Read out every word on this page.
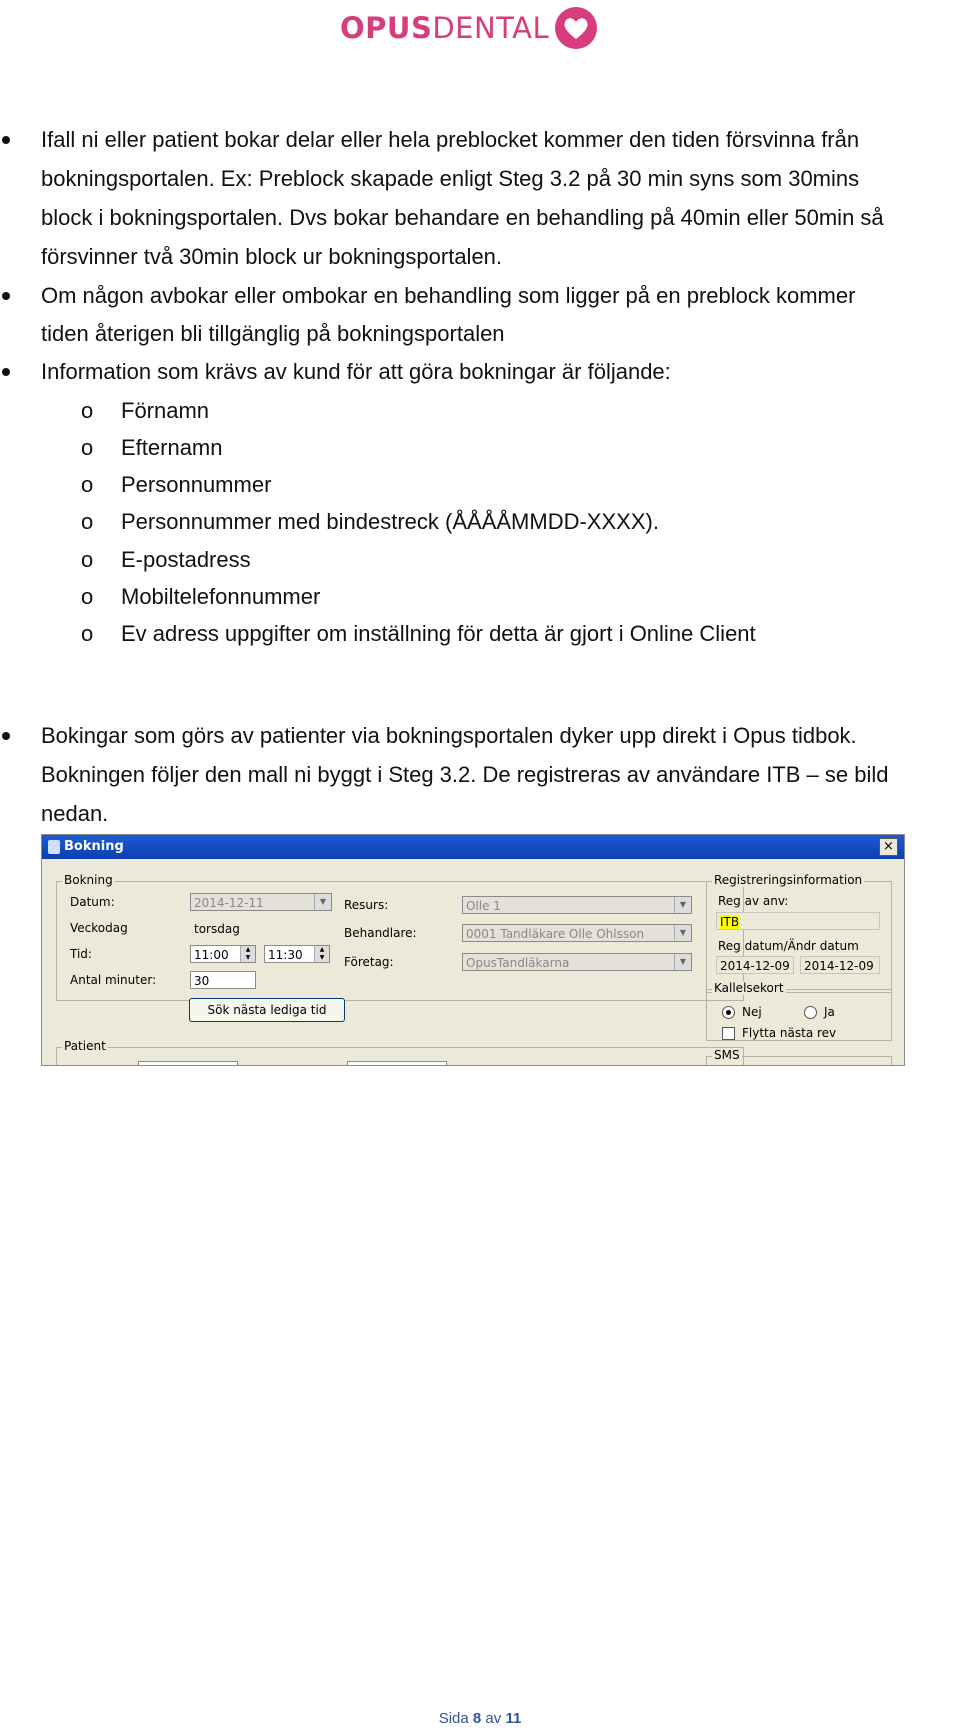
OPUSDENTAL
Ifall ni eller patient bokar delar eller hela preblocket kommer den tiden försvinna från
bokningsportalen. Ex: Preblock skapade enligt Steg 3.2 på 30 min syns som 30mins
block i bokningsportalen. Dvs bokar behandare en behandling på 40min eller 50min så
försvinner två 30min block ur bokningsportalen.
Om någon avbokar eller ombokar en behandling som ligger på en preblock kommer
tiden återigen bli tillgänglig på bokningsportalen
Information som krävs av kund för att göra bokningar är följande:
o Förnamn
o Efternamn
o Personnummer
o Personnummer med bindestreck (ÅÅÅÅMMDD-XXXX).
o E-postadress
o Mobiltelefonnummer
o Ev adress uppgifter om inställning för detta är gjort i Online Client
Bokingar som görs av patienter via bokningsportalen dyker upp direkt i Opus tidbok.
Bokningen följer den mall ni byggt i Steg 3.2. De registreras av användare ITB – se bild
nedan.
Bokning	×
Bokning
Datum:	2014-12-11	▼
Veckodag	torsdag
Tid:	11:00	▲
▼	11:30	▲
▼
Antal minuter:	30
Sök nästa lediga tid
Resurs:	Olle 1	▼
Behandlare:	0001 Tandläkare Olle Ohlsson	▼
Företag:	OpusTandläkarna	▼
Patient
Registreringsinformation
Reg av anv:
ITB
Reg datum/Ändr datum
2014-12-09	2014-12-09
Kallelsekort
Nej	Ja
Flytta nästa rev
SMS
Sida 8 av 11
